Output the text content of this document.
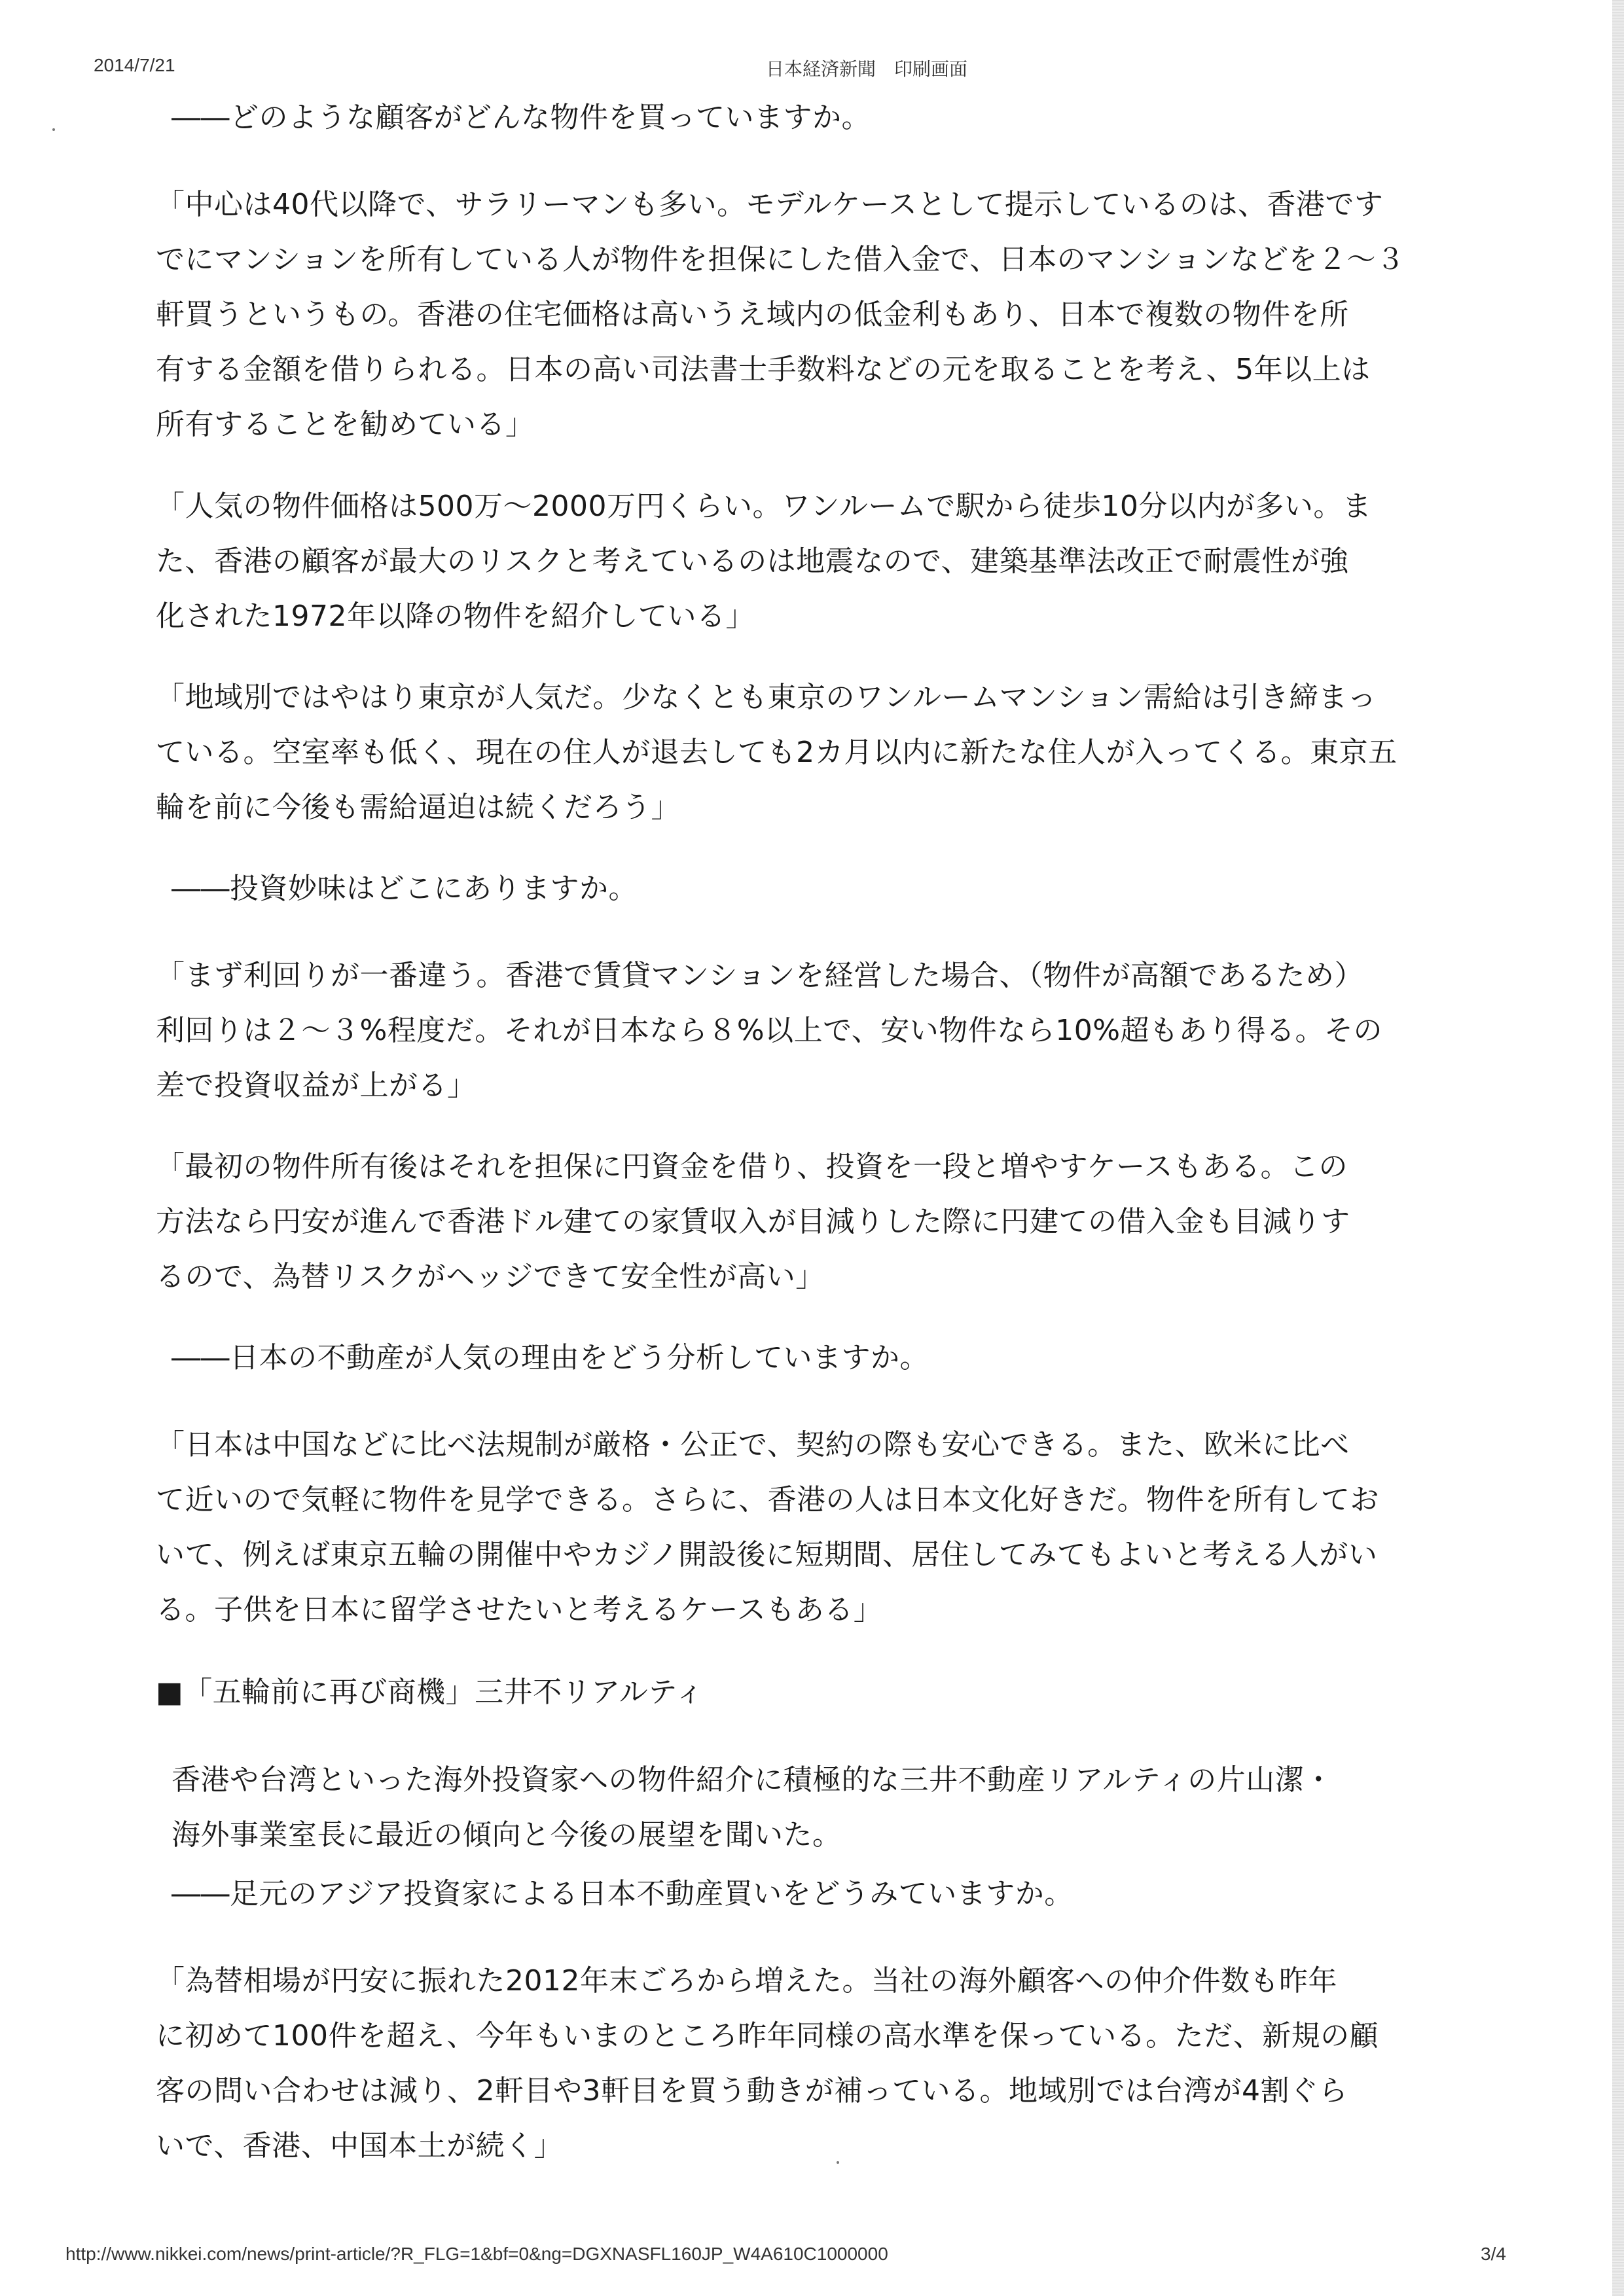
2014/7/21	日本経済新聞　印刷画面
――どのような顧客がどんな物件を買っていますか。
「中心は40代以降で、サラリーマンも多い。モデルケースとして提示しているのは、香港です
でにマンションを所有している人が物件を担保にした借入金で、日本のマンションなどを２～３
軒買うというもの。香港の住宅価格は高いうえ域内の低金利もあり、日本で複数の物件を所
有する金額を借りられる。日本の高い司法書士手数料などの元を取ることを考え、5年以上は
所有することを勧めている」
「人気の物件価格は500万～2000万円くらい。ワンルームで駅から徒歩10分以内が多い。ま
た、香港の顧客が最大のリスクと考えているのは地震なので、建築基準法改正で耐震性が強
化された1972年以降の物件を紹介している」
「地域別ではやはり東京が人気だ。少なくとも東京のワンルームマンション需給は引き締まっ
ている。空室率も低く、現在の住人が退去しても2カ月以内に新たな住人が入ってくる。東京五
輪を前に今後も需給逼迫は続くだろう」
――投資妙味はどこにありますか。
「まず利回りが一番違う。香港で賃貸マンションを経営した場合、（物件が高額であるため）
利回りは２～３%程度だ。それが日本なら８%以上で、安い物件なら10%超もあり得る。その
差で投資収益が上がる」
「最初の物件所有後はそれを担保に円資金を借り、投資を一段と増やすケースもある。この
方法なら円安が進んで香港ドル建ての家賃収入が目減りした際に円建ての借入金も目減りす
るので、為替リスクがヘッジできて安全性が高い」
――日本の不動産が人気の理由をどう分析していますか。
「日本は中国などに比べ法規制が厳格・公正で、契約の際も安心できる。また、欧米に比べ
て近いので気軽に物件を見学できる。さらに、香港の人は日本文化好きだ。物件を所有してお
いて、例えば東京五輪の開催中やカジノ開設後に短期間、居住してみてもよいと考える人がい
る。子供を日本に留学させたいと考えるケースもある」
■「五輪前に再び商機」三井不リアルティ
香港や台湾といった海外投資家への物件紹介に積極的な三井不動産リアルティの片山潔・
海外事業室長に最近の傾向と今後の展望を聞いた。
――足元のアジア投資家による日本不動産買いをどうみていますか。
「為替相場が円安に振れた2012年末ごろから増えた。当社の海外顧客への仲介件数も昨年
に初めて100件を超え、今年もいまのところ昨年同様の高水準を保っている。ただ、新規の顧
客の問い合わせは減り、2軒目や3軒目を買う動きが補っている。地域別では台湾が4割ぐら
いで、香港、中国本土が続く」
http://www.nikkei.com/news/print-article/?R_FLG=1&bf=0&ng=DGXNASFL160JP_W4A610C1000000	3/4
